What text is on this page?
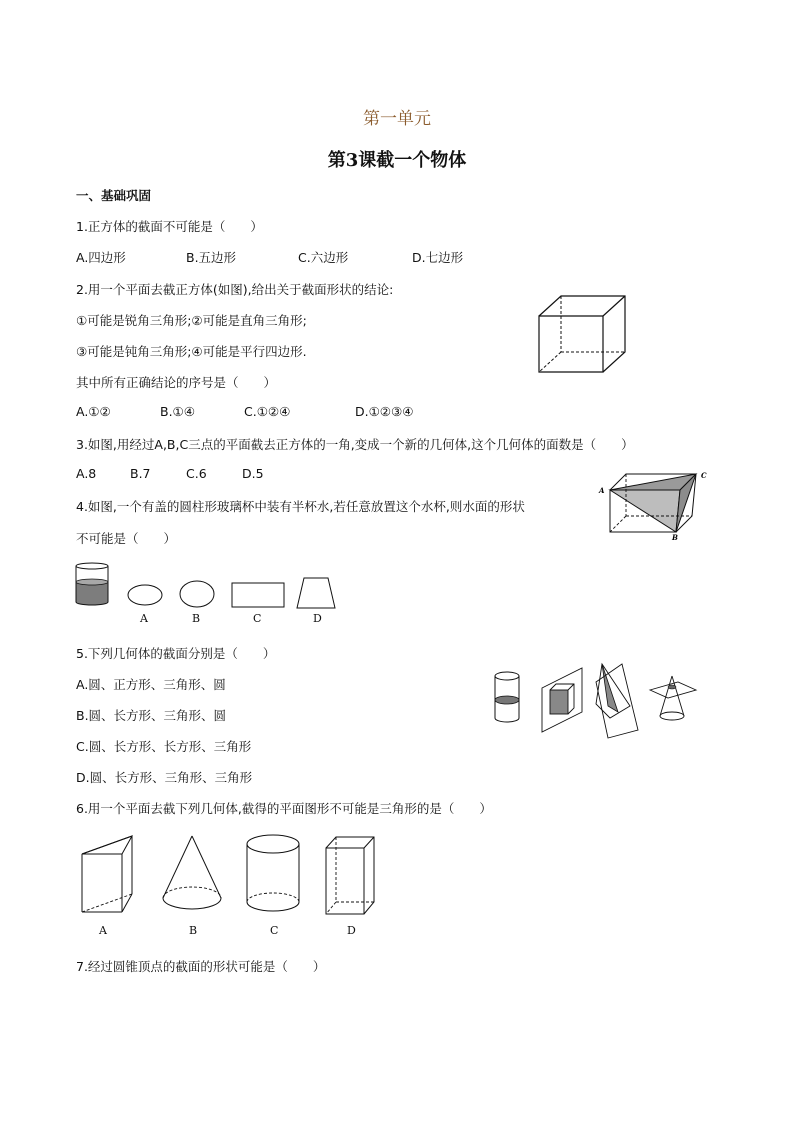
第一单元
第3课截一个物体
一、基础巩固
1.正方体的截面不可能是（　　）
A.四边形	B.五边形	C.六边形	D.七边形
2.用一个平面去截正方体(如图),给出关于截面形状的结论:
①可能是锐角三角形;②可能是直角三角形;
③可能是钝角三角形;④可能是平行四边形.
其中所有正确结论的序号是（　　）
A.①②	B.①④	C.①②④	D.①②③④
3.如图,用经过A,B,C三点的平面截去正方体的一角,变成一个新的几何体,这个几何体的面数是（　　）
A.8	B.7	C.6	D.5
A
C
B
4.如图,一个有盖的圆柱形玻璃杯中装有半杯水,若任意放置这个水杯,则水面的形状
不可能是（　　）
A	B	C	D
5.下列几何体的截面分别是（　　）
A.圆、正方形、三角形、圆
B.圆、长方形、三角形、圆
C.圆、长方形、长方形、三角形
D.圆、长方形、三角形、三角形
6.用一个平面去截下列几何体,截得的平面图形不可能是三角形的是（　　）
A	B	C	D
7.经过圆锥顶点的截面的形状可能是（　　）
